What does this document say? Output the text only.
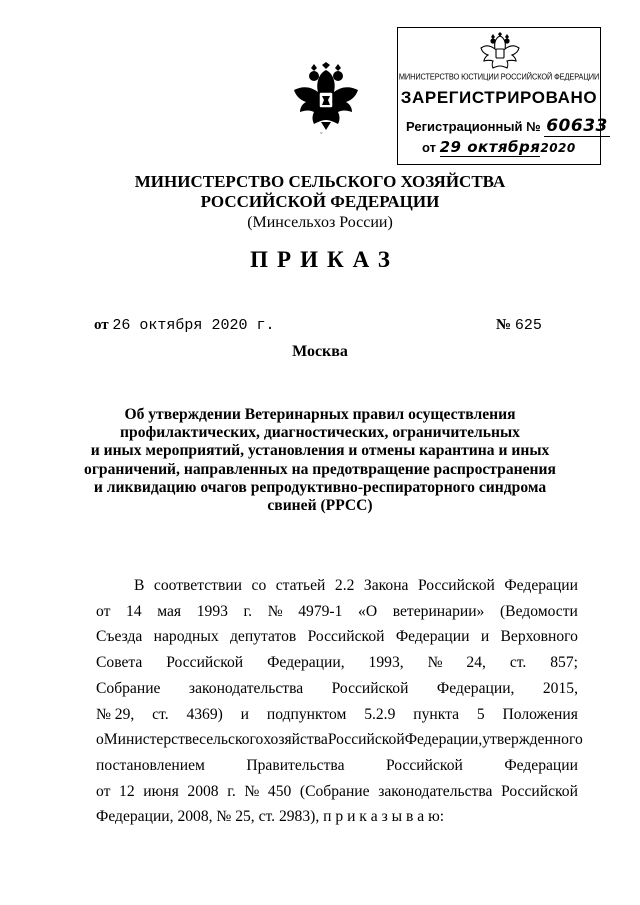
ˇ
МИНИСТЕРСТВО ЮСТИЦИИ РОССИЙСКОЙ ФЕДЕРАЦИИ
ЗАРЕГИСТРИРОВАНО
Регистрационный № 60633
от 29 октября2020
МИНИСТЕРСТВО СЕЛЬСКОГО ХОЗЯЙСТВА
РОССИЙСКОЙ ФЕДЕРАЦИИ
(Минсельхоз России)
ПРИКАЗ
от 26 октября 2020 г.	№ 625
Москва
Об утверждении Ветеринарных правил осуществления
профилактических, диагностических, ограничительных
и иных мероприятий, установления и отмены карантина и иных
ограничений, направленных на предотвращение распространения
и ликвидацию очагов репродуктивно-респираторного синдрома
свиней (РРСС)
В соответствии со статьей 2.2 Закона Российской Федерации
от 14 мая 1993 г. № 4979-1 «О ветеринарии» (Ведомости
Съезда народных депутатов Российской Федерации и Верховного
Совета Российской Федерации, 1993, № 24, ст. 857;
Собрание законодательства Российской Федерации, 2015,
№ 29, ст. 4369) и подпунктом 5.2.9 пункта 5 Положения
о Министерстве сельского хозяйства Российской Федерации, утвержденного
постановлением	Правительства	Российской	Федерации
от 12 июня 2008 г. № 450 (Собрание законодательства Российской
Федерации, 2008, № 25, ст. 2983), п р и к а з ы в а ю:
